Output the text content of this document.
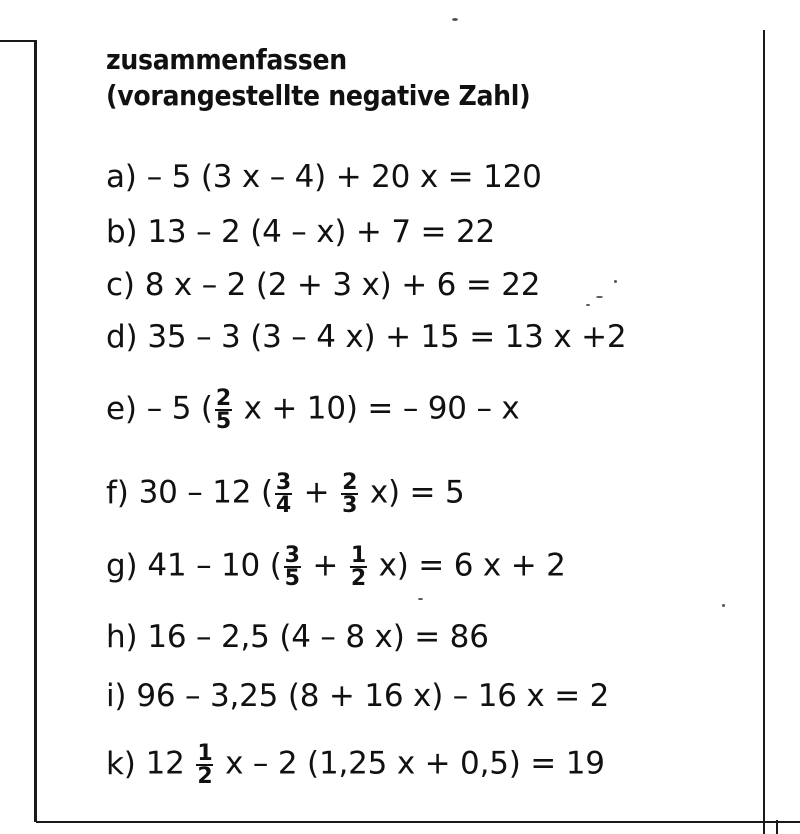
zusammenfassen
(vorangestellte negative Zahl)
a) – 5 (3 x – 4) + 20 x = 120
b) 13 – 2 (4 – x) + 7 = 22
c) 8 x – 2 (2 + 3 x) + 6 = 22
d) 35 – 3 (3 – 4 x) + 15 = 13 x +2
e) – 5 ( $\frac{2}{5}$ x + 10) = – 90 – x
f) 30 – 12 ( $\frac{3}{4} + \frac{2}{3} x) = 5$
g) 41 – 10 ( $\frac{3}{5} + \frac{1}{2} x) = 6$ x + 2
h) 16 – 2,5 (4 – 8 x) = 86
i) 96 – 3,25 (8 + 16 x) – 16 x = 2
k) $12 \frac{1}{2}$ x – 2 (1,25 x + 0,5) = 19
